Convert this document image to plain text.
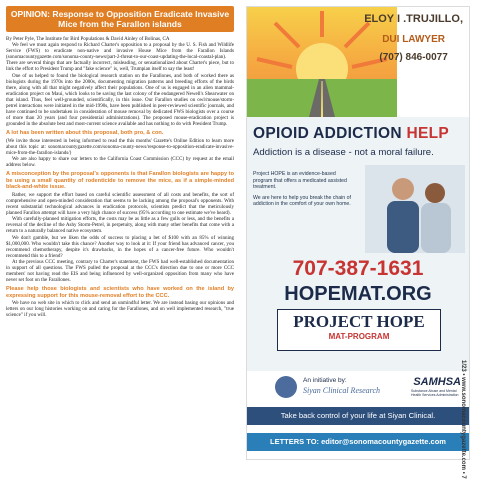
OPINION: Response to Opposition Eradicate Invasive Mice from the Farallon islands

By Peter Pyle, The Institute for Bird Populations & David Ainley of Bolinas, CA

We feel we must again respond to Richard Charter's opposition to a proposal by the U. S. Fish and Wildlife Service (FWS) to eradicate non-native and invasive House Mice from the Farallon Islands (sonomacountygazette.com/sonoma-county-news/part-2-threat-to-our-coast-updating-the-local-coastal-plan). There are several things that are factually incorrect, misleading, or sensationalized about Charter's piece, but to link the effort to President Trump and "fake science" is, well, Trumpian itself to say the least!

One of us helped to found the biological research station on the Farallones, and both of worked there as biologists during the 1970s into the 2000s, documenting migration patterns and breeding efforts of the birds there, along with all that might negatively affect their populations. One of us is engaged in an alien mammal-eradication project on Maui, which looks to be saving the last colony of the endangered Newell's Shearwater on that island. Thus, feel well-grounded, scientifically, in this issue. Our Farallon studies on owl/mouse/storm-petrel interactions were initiated in the mid-1990s, have been published in peer-reviewed scientific journals, and have continued to be undertaken in consideration of mouse removal by dedicated FWS biologists over a course of more than 20 years (and four presidential administrations). The proposed mouse-eradication project is grounded in the absolute best and most-current science available and has nothing to do with President Trump.

A lot has been written about this proposal, both pro, & con.

(We invite those interested in being informed to read the this months' Gazette's Online Edition to learn more about this topic at: sonomacountygazette.com/sonoma-county-news/response-to-opposition-eradicate-invasive-mice-from-the-farallon-islands/)

We are also happy to share our letters to the California Coast Commission (CCC) by request at the email address below.

A misconception by the proposal's opponents is that Farallon biologists are happy to be using a small quantity of rodenticide to remove the mice, as if a simple-minded black-and-white issue.

Rather, we support the effort based on careful scientific assessment of all costs and benefits, the sort of comprehensive and open-minded consideration that seems to be lacking among the proposal's opponents. With recent substantial technological advances in eradication protocols, scientists predict that the meticulously planned Farallon attempt will have a very high chance of success (95% according to one estimate we've heard).

With carefully-planned mitigation efforts, the costs may be as little as a few gulls or less, and the benefits a reversal of the decline of the Ashy Storm-Petrel, in perpetuity, along with many other benefits that come with a return to a naturally balanced native ecosystem.

We don't gamble, but we liken the odds of success to placing a bet of $100 with an 85% of winning $1,000,000. Who wouldn't take this chance? Another way to look at it: If your friend has advanced cancer, you recommend chemotherapy, despite it's drawbacks, in the hopes of a cancer-free future. Who wouldn't recommend this to a friend?

At the previous CCC meeting, contrary to Charter's statement, the FWS had well-established documentation in support of all questions. The FWS pulled the proposal at the CCC's direction due to one or more CCC members' not having read the EIS and being influenced by well-organized opposition from many who have never set foot on the Farallones.

Please help those biologists and scientists who have worked on the island by expressing support for this mouse-removal effort to the CCC.

We have no web site in which to click and send an unmindful letter. We are instead basing our opinions and letters on our long histories working on and caring for the Farallones, and on well implemented research, "true science" if you will.

ELOY I .TRUJILLO,
DUI LAWYER
(707) 846-0077
OPIOID ADDICTION HELP
Addiction is a disease - not a moral failure.

Project HOPE is an evidence-based program that offers a medicated assisted treatment.

We are here to help you break the chain of addiction in the comfort of your own home.

707-387-1631
HOPEMAT.ORG
PROJECT HOPE
MAT-PROGRAM
An initiative by:
Siyan Clinical Research
SAMHSA
Substance Abuse and Mental Health Services Administration
Take back control of your life at Siyan Clinical.
LETTERS TO: editor@sonomacountygazette.com	1/23 • www.sonomacountygazette.com • 7
